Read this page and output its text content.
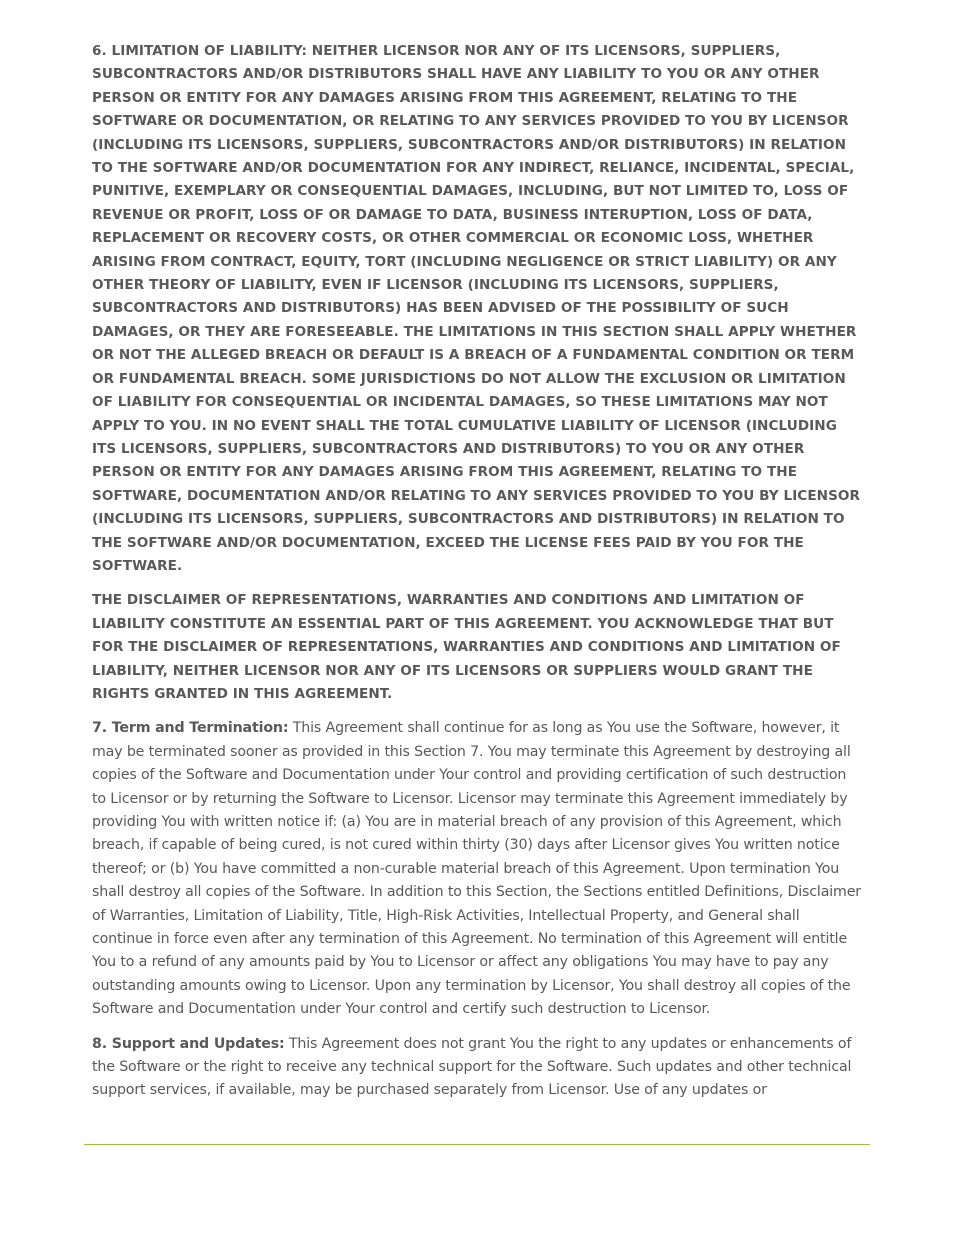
6. LIMITATION OF LIABILITY: NEITHER LICENSOR NOR ANY OF ITS LICENSORS, SUPPLIERS, SUBCONTRACTORS AND/OR DISTRIBUTORS SHALL HAVE ANY LIABILITY TO YOU OR ANY OTHER PERSON OR ENTITY FOR ANY DAMAGES ARISING FROM THIS AGREEMENT, RELATING TO THE SOFTWARE OR DOCUMENTATION, OR RELATING TO ANY SERVICES PROVIDED TO YOU BY LICENSOR (INCLUDING ITS LICENSORS, SUPPLIERS, SUBCONTRACTORS AND/OR DISTRIBUTORS) IN RELATION TO THE SOFTWARE AND/OR DOCUMENTATION FOR ANY INDIRECT, RELIANCE, INCIDENTAL, SPECIAL, PUNITIVE, EXEMPLARY OR CONSEQUENTIAL DAMAGES, INCLUDING, BUT NOT LIMITED TO, LOSS OF REVENUE OR PROFIT, LOSS OF OR DAMAGE TO DATA, BUSINESS INTERUPTION, LOSS OF DATA, REPLACEMENT OR RECOVERY COSTS, OR OTHER COMMERCIAL OR ECONOMIC LOSS, WHETHER ARISING FROM CONTRACT, EQUITY, TORT (INCLUDING NEGLIGENCE OR STRICT LIABILITY) OR ANY OTHER THEORY OF LIABILITY, EVEN IF LICENSOR (INCLUDING ITS LICENSORS, SUPPLIERS, SUBCONTRACTORS AND DISTRIBUTORS) HAS BEEN ADVISED OF THE POSSIBILITY OF SUCH DAMAGES, OR THEY ARE FORESEEABLE. THE LIMITATIONS IN THIS SECTION SHALL APPLY WHETHER OR NOT THE ALLEGED BREACH OR DEFAULT IS A BREACH OF A FUNDAMENTAL CONDITION OR TERM OR FUNDAMENTAL BREACH. SOME JURISDICTIONS DO NOT ALLOW THE EXCLUSION OR LIMITATION OF LIABILITY FOR CONSEQUENTIAL OR INCIDENTAL DAMAGES, SO THESE LIMITATIONS MAY NOT APPLY TO YOU. IN NO EVENT SHALL THE TOTAL CUMULATIVE LIABILITY OF LICENSOR (INCLUDING ITS LICENSORS, SUPPLIERS, SUBCONTRACTORS AND DISTRIBUTORS) TO YOU OR ANY OTHER PERSON OR ENTITY FOR ANY DAMAGES ARISING FROM THIS AGREEMENT, RELATING TO THE SOFTWARE, DOCUMENTATION AND/OR RELATING TO ANY SERVICES PROVIDED TO YOU BY LICENSOR (INCLUDING ITS LICENSORS, SUPPLIERS, SUBCONTRACTORS AND DISTRIBUTORS) IN RELATION TO THE SOFTWARE AND/OR DOCUMENTATION, EXCEED THE LICENSE FEES PAID BY YOU FOR THE SOFTWARE.

THE DISCLAIMER OF REPRESENTATIONS, WARRANTIES AND CONDITIONS AND LIMITATION OF LIABILITY CONSTITUTE AN ESSENTIAL PART OF THIS AGREEMENT. YOU ACKNOWLEDGE THAT BUT FOR THE DISCLAIMER OF REPRESENTATIONS, WARRANTIES AND CONDITIONS AND LIMITATION OF LIABILITY, NEITHER LICENSOR NOR ANY OF ITS LICENSORS OR SUPPLIERS WOULD GRANT THE RIGHTS GRANTED IN THIS AGREEMENT.

7. Term and Termination: This Agreement shall continue for as long as You use the Software, however, it may be terminated sooner as provided in this Section 7. You may terminate this Agreement by destroying all copies of the Software and Documentation under Your control and providing certification of such destruction to Licensor or by returning the Software to Licensor. Licensor may terminate this Agreement immediately by providing You with written notice if: (a) You are in material breach of any provision of this Agreement, which breach, if capable of being cured, is not cured within thirty (30) days after Licensor gives You written notice thereof; or (b) You have committed a non-curable material breach of this Agreement. Upon termination You shall destroy all copies of the Software. In addition to this Section, the Sections entitled Definitions, Disclaimer of Warranties, Limitation of Liability, Title, High-Risk Activities, Intellectual Property, and General shall continue in force even after any termination of this Agreement. No termination of this Agreement will entitle You to a refund of any amounts paid by You to Licensor or affect any obligations You may have to pay any outstanding amounts owing to Licensor. Upon any termination by Licensor, You shall destroy all copies of the Software and Documentation under Your control and certify such destruction to Licensor.

8. Support and Updates: This Agreement does not grant You the right to any updates or enhancements of the Software or the right to receive any technical support for the Software. Such updates and other technical support services, if available, may be purchased separately from Licensor. Use of any updates or
